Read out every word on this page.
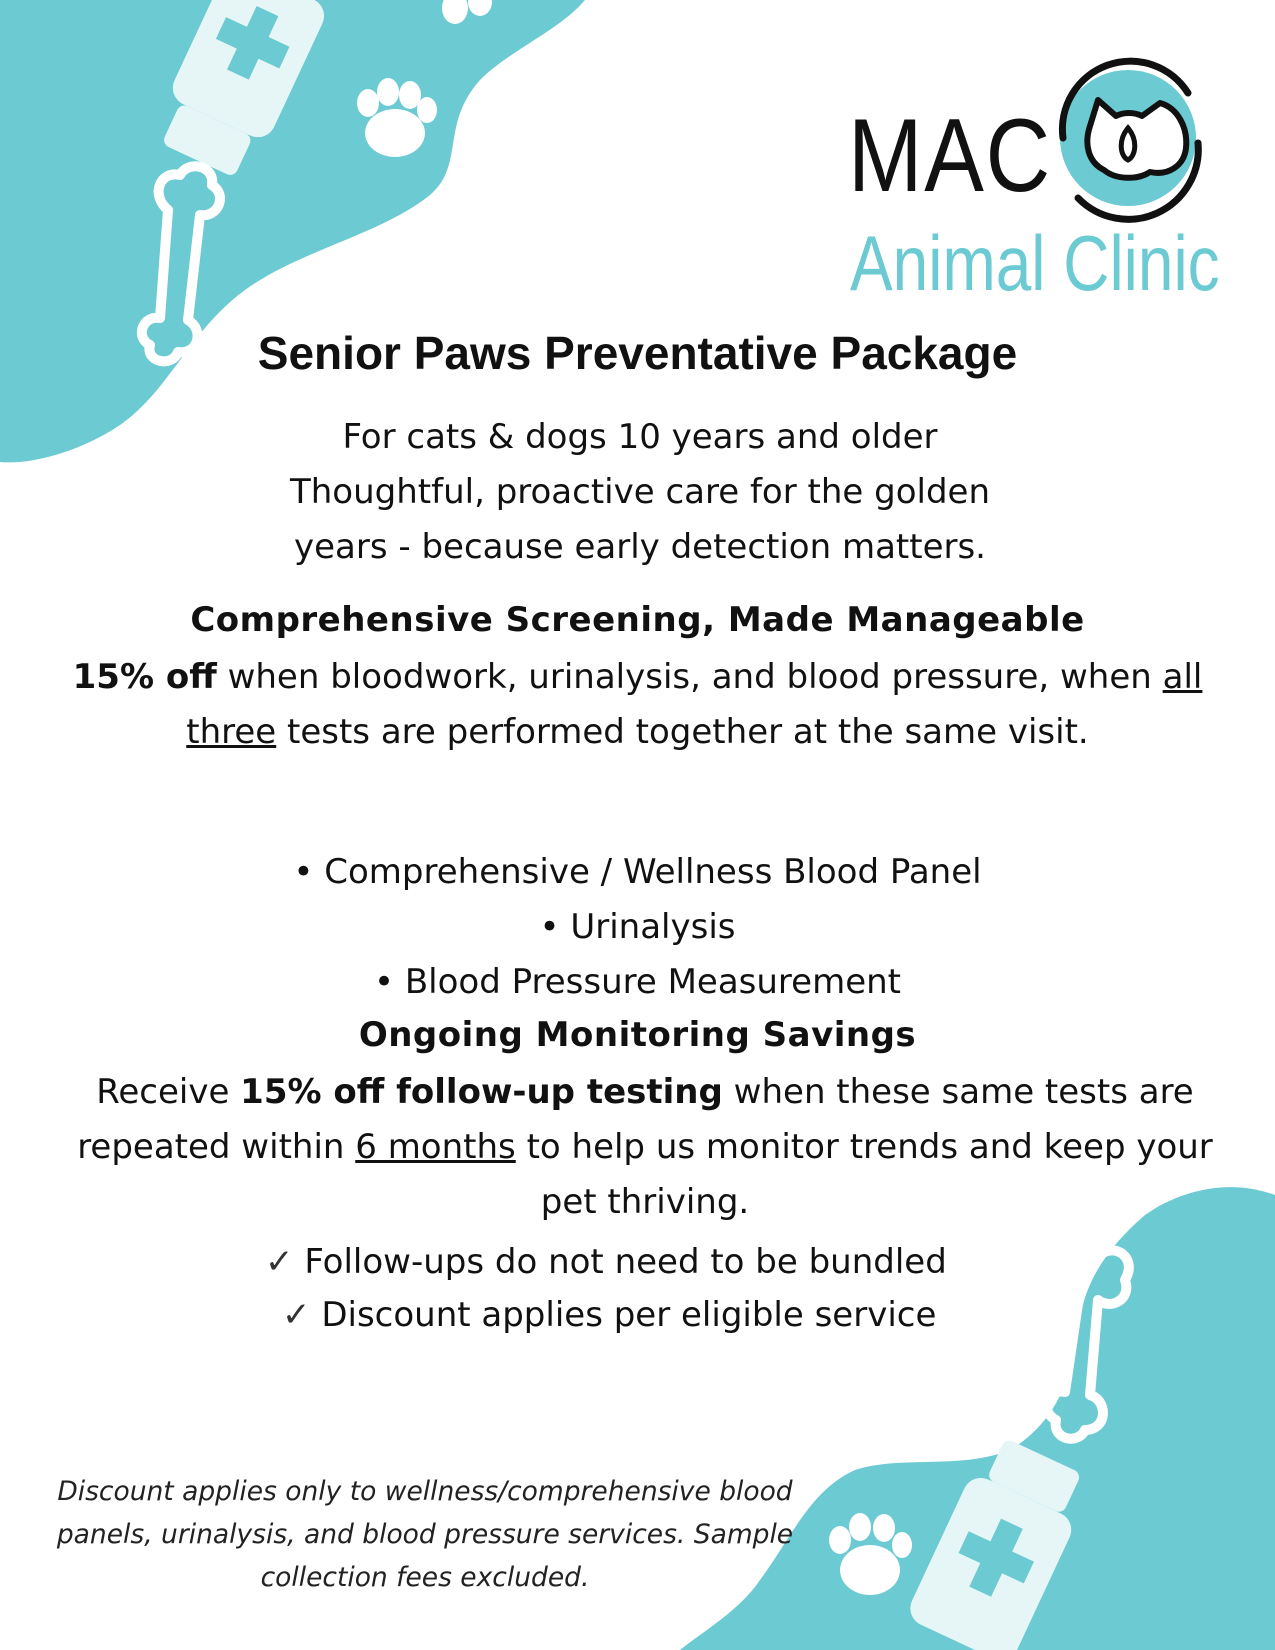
MAC
Animal Clinic
Senior Paws Preventative Package
For cats & dogs 10 years and older
Thoughtful, proactive care for the golden
years - because early detection matters.
Comprehensive Screening, Made Manageable
15% off when bloodwork, urinalysis, and blood pressure, when all three tests are performed together at the same visit.
• Comprehensive / Wellness Blood Panel
• Urinalysis
• Blood Pressure Measurement
Ongoing Monitoring Savings
Receive 15% off follow-up testing when these same tests are repeated within 6 months to help us monitor trends and keep your pet thriving.
✓ Follow-ups do not need to be bundled
✓ Discount applies per eligible service
Discount applies only to wellness/comprehensive blood panels, urinalysis, and blood pressure services. Sample collection fees excluded.
